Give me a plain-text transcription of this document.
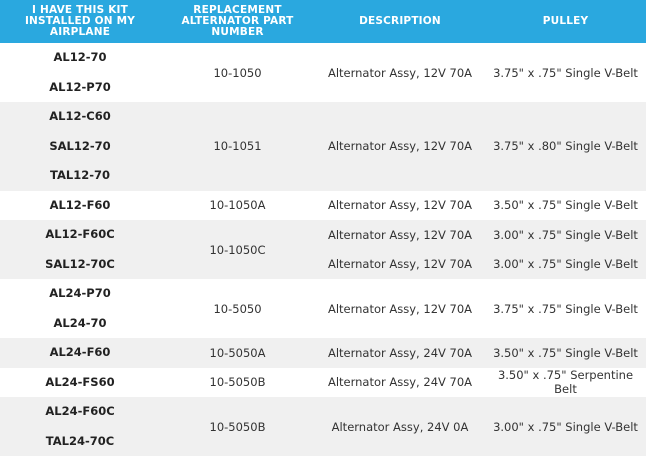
I HAVE THIS KIT INSTALLED ON MY AIRPLANE	REPLACEMENT ALTERNATOR PART NUMBER	DESCRIPTION	PULLEY

AL12-70	10-1050	Alternator Assy, 12V 70A	3.75" x .75" Single V-Belt

AL12-P70			

AL12-C60	10-1051	Alternator Assy, 12V 70A	3.75" x .80" Single V-Belt

SAL12-70			

TAL12-70			

AL12-F60	10-1050A	Alternator Assy, 12V 70A	3.50" x .75" Single V-Belt

AL12-F60C	10-1050C	Alternator Assy, 12V 70A	3.00" x .75" Single V-Belt

SAL12-70C		Alternator Assy, 12V 70A	3.00" x .75" Single V-Belt

AL24-P70	10-5050	Alternator Assy, 12V 70A	3.75" x .75" Single V-Belt

AL24-70			

AL24-F60	10-5050A	Alternator Assy, 24V 70A	3.50" x .75" Single V-Belt

AL24-FS60	10-5050B	Alternator Assy, 24V 70A	3.50" x .75" Serpentine Belt

AL24-F60C	10-5050B	Alternator Assy, 24V 0A	3.00" x .75" Single V-Belt

TAL24-70C			
